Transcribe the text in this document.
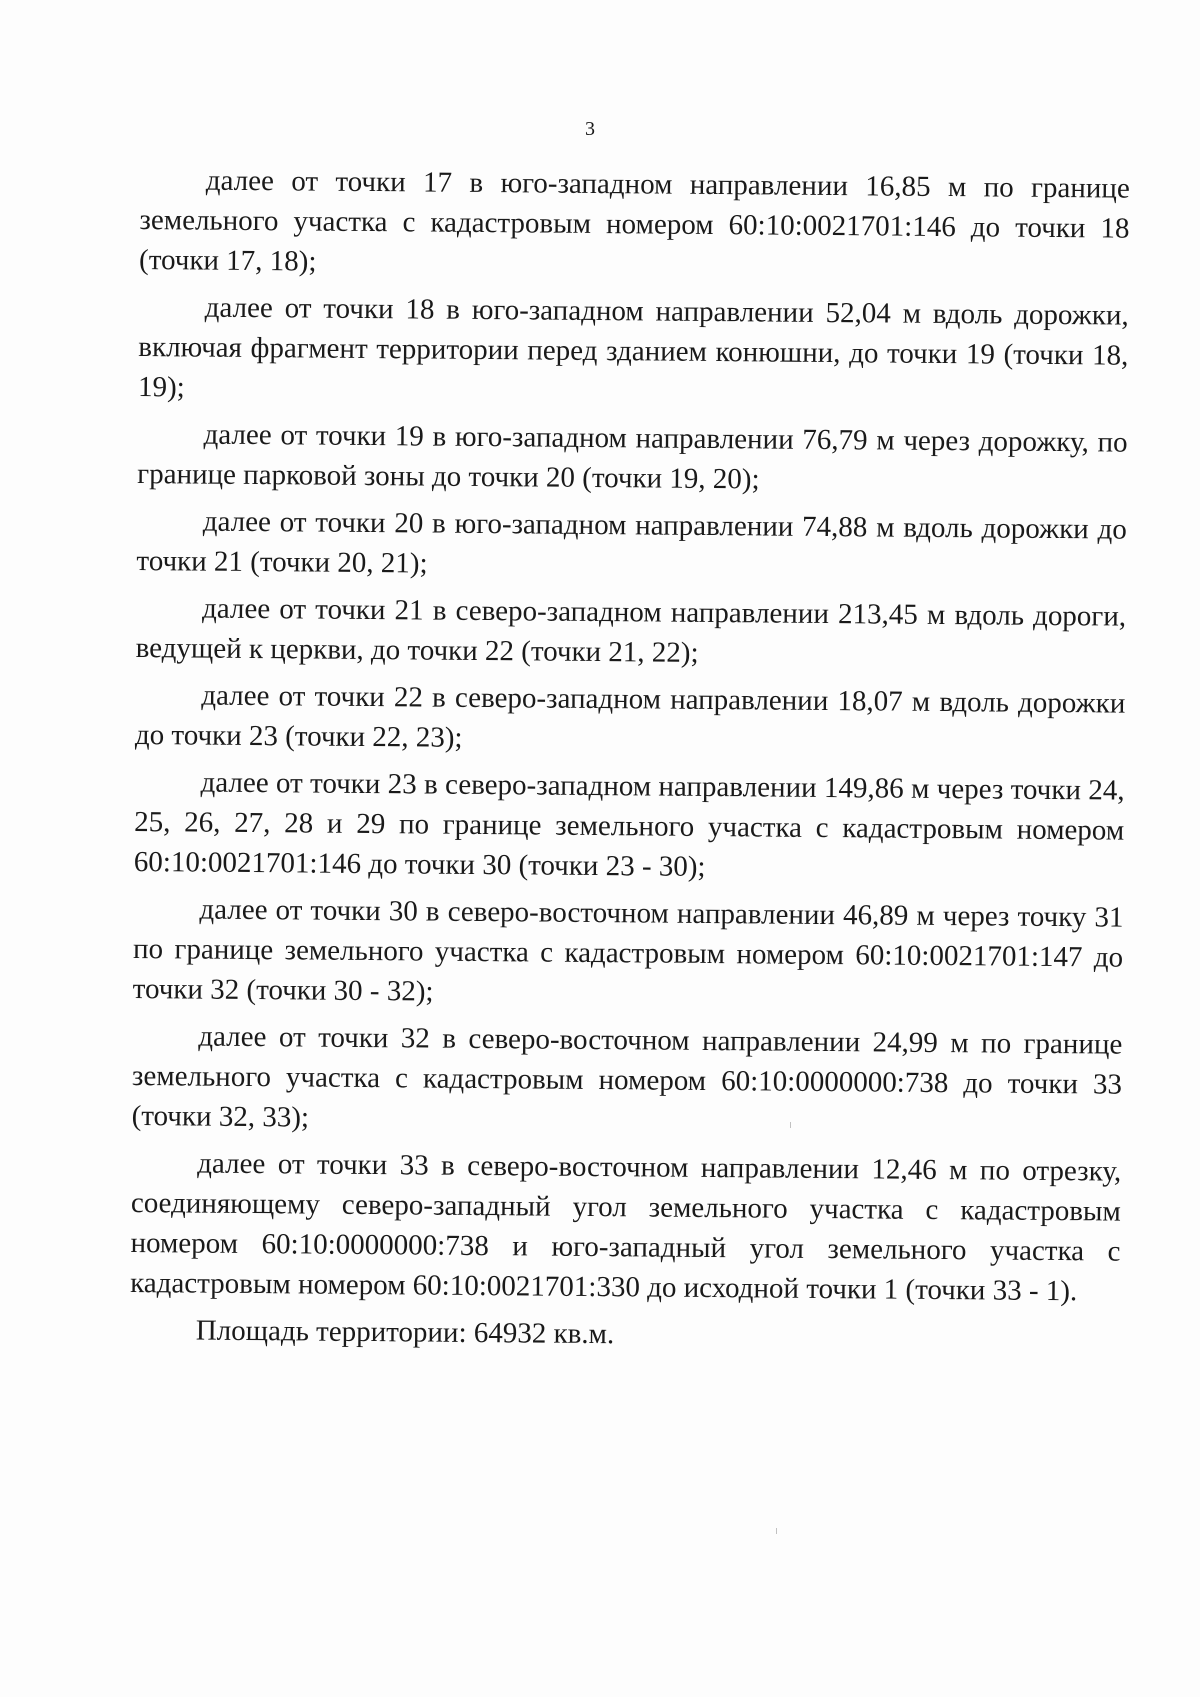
3

далее от точки 17 в юго-западном направлении 16,85 м по границе земельного участка с кадастровым номером 60:10:0021701:146 до точки 18 (точки 17, 18);

далее от точки 18 в юго-западном направлении 52,04 м вдоль дорожки, включая фрагмент территории перед зданием конюшни, до точки 19 (точки 18, 19);

далее от точки 19 в юго-западном направлении 76,79 м через дорожку, по границе парковой зоны до точки 20 (точки 19, 20);

далее от точки 20 в юго-западном направлении 74,88 м вдоль дорожки до точки 21 (точки 20, 21);

далее от точки 21 в северо-западном направлении 213,45 м вдоль дороги, ведущей к церкви, до точки 22 (точки 21, 22);

далее от точки 22 в северо-западном направлении 18,07 м вдоль дорожки до точки 23 (точки 22, 23);

далее от точки 23 в северо-западном направлении 149,86 м через точки 24, 25, 26, 27, 28 и 29 по границе земельного участка с кадастровым номером 60:10:0021701:146 до точки 30 (точки 23 - 30);

далее от точки 30 в северо-восточном направлении 46,89 м через точку 31 по границе земельного участка с кадастровым номером 60:10:0021701:147 до точки 32 (точки 30 - 32);

далее от точки 32 в северо-восточном направлении 24,99 м по границе земельного участка с кадастровым номером 60:10:0000000:738 до точки 33 (точки 32, 33);

далее от точки 33 в северо-восточном направлении 12,46 м по отрезку, соединяющему северо-западный угол земельного участка с кадастровым номером 60:10:0000000:738 и юго-западный угол земельного участка с кадастровым номером 60:10:0021701:330 до исходной точки 1 (точки 33 - 1).

Площадь территории: 64932 кв.м.
